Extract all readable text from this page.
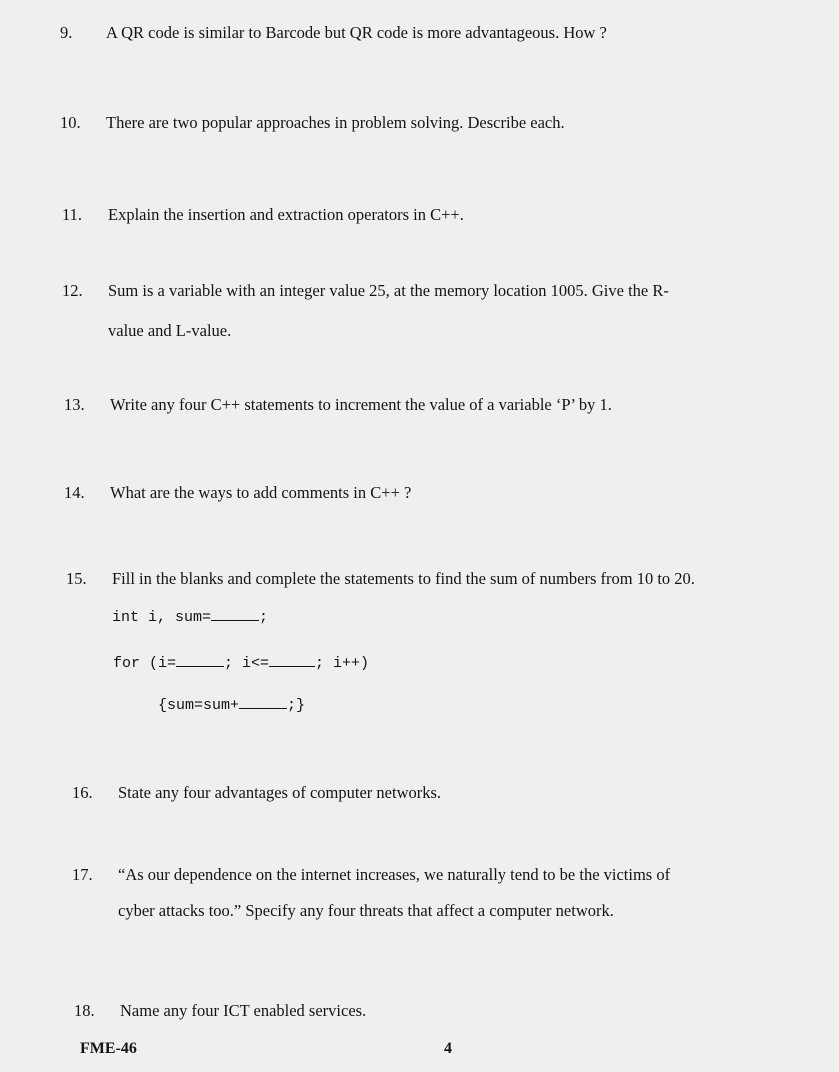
9. A QR code is similar to Barcode but QR code is more advantageous. How ?
10. There are two popular approaches in problem solving. Describe each.
11. Explain the insertion and extraction operators in C++.
12. Sum is a variable with an integer value 25, at the memory location 1005. Give the R-
value and L-value.
13. Write any four C++ statements to increment the value of a variable ‘P’ by 1.
14. What are the ways to add comments in C++ ?
15. Fill in the blanks and complete the statements to find the sum of numbers from 10 to 20.
int i, sum=	;
for (i=	; i<=	; i++)
{sum=sum+	;}
16. State any four advantages of computer networks.
17. “As our dependence on the internet increases, we naturally tend to be the victims of
cyber attacks too.” Specify any four threats that affect a computer network.
18. Name any four ICT enabled services.
FME-46	4
